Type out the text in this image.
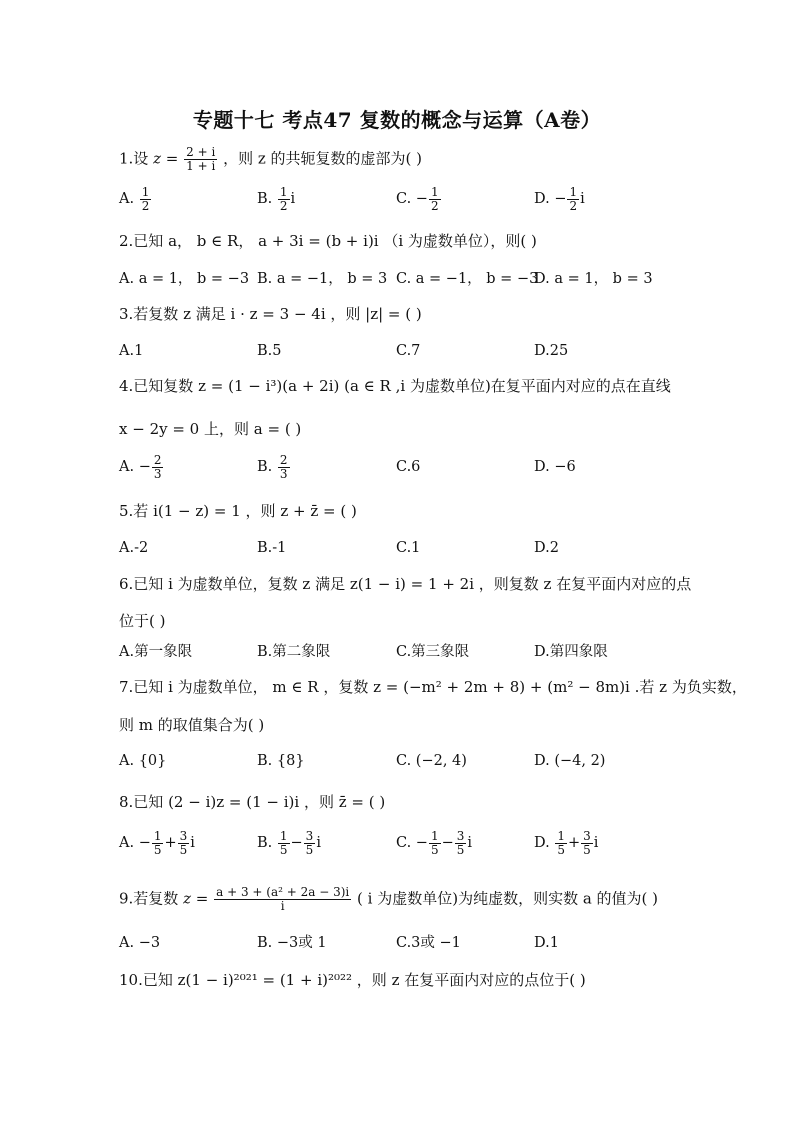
专题十七 考点47 复数的概念与运算（A卷）
1.设 $z = \frac{2 + i}{1 + i}$ ，则 z 的共轭复数的虚部为( )
A. $\frac{1}{2}$	B. $\frac{1}{2}$ i	C. − $\frac{1}{2}$	D. − $\frac{1}{2}$ i
2.已知 a， b ∈ R， a + 3i = (b + i)i （i 为虚数单位），则( )
A. a = 1， b = −3 B. a = −1， b = 3 C. a = −1， b = −3
D. a = 1， b = 3
3.若复数 z 满足 i · z = 3 − 4i ，则 |z| = ( )
A.1	B.5	C.7	D.25
4.已知复数 z = (1 − i³)(a + 2i) (a ∈ R ,i 为虚数单位)在复平面内对应的点在直线
x − 2y = 0 上，则 a = ( )
A. − $\frac{2}{3}$	B. $\frac{2}{3}$	C.6	D. −6
5.若 i(1 − z) = 1 ，则 z + z̄ = ( )
A.-2	B.-1	C.1	D.2
6.已知 i 为虚数单位，复数 z 满足 z(1 − i) = 1 + 2i ，则复数 z 在复平面内对应的点
位于( )
A.第一象限	B.第二象限	C.第三象限	D.第四象限
7.已知 i 为虚数单位， m ∈ R ，复数 z = (−m² + 2m + 8) + (m² − 8m)i .若 z 为负实数，
则 m 的取值集合为( )
A. {0}	B. {8}	C. (−2, 4)	D. (−4, 2)
8.已知 (2 − i)z = (1 − i)i ，则 z̄ = ( )
A. − $\frac{1}{5} + \frac{3}{5}$ i	B. $\frac{1}{5} - \frac{3}{5}$ i	C. − $\frac{1}{5} - \frac{3}{5}$ i	D. $\frac{1}{5} + \frac{3}{5}$ i
9.若复数 $z = \frac{\text{a + 3 + (a² + 2a − 3)i}}{i}$ ( i 为虚数单位)为纯虚数，则实数 a 的值为( )
A. −3	B. −3或 1	C.3或 −1	D.1
10.已知 z(1 − i)²⁰²¹ = (1 + i)²⁰²² ，则 z 在复平面内对应的点位于( )
